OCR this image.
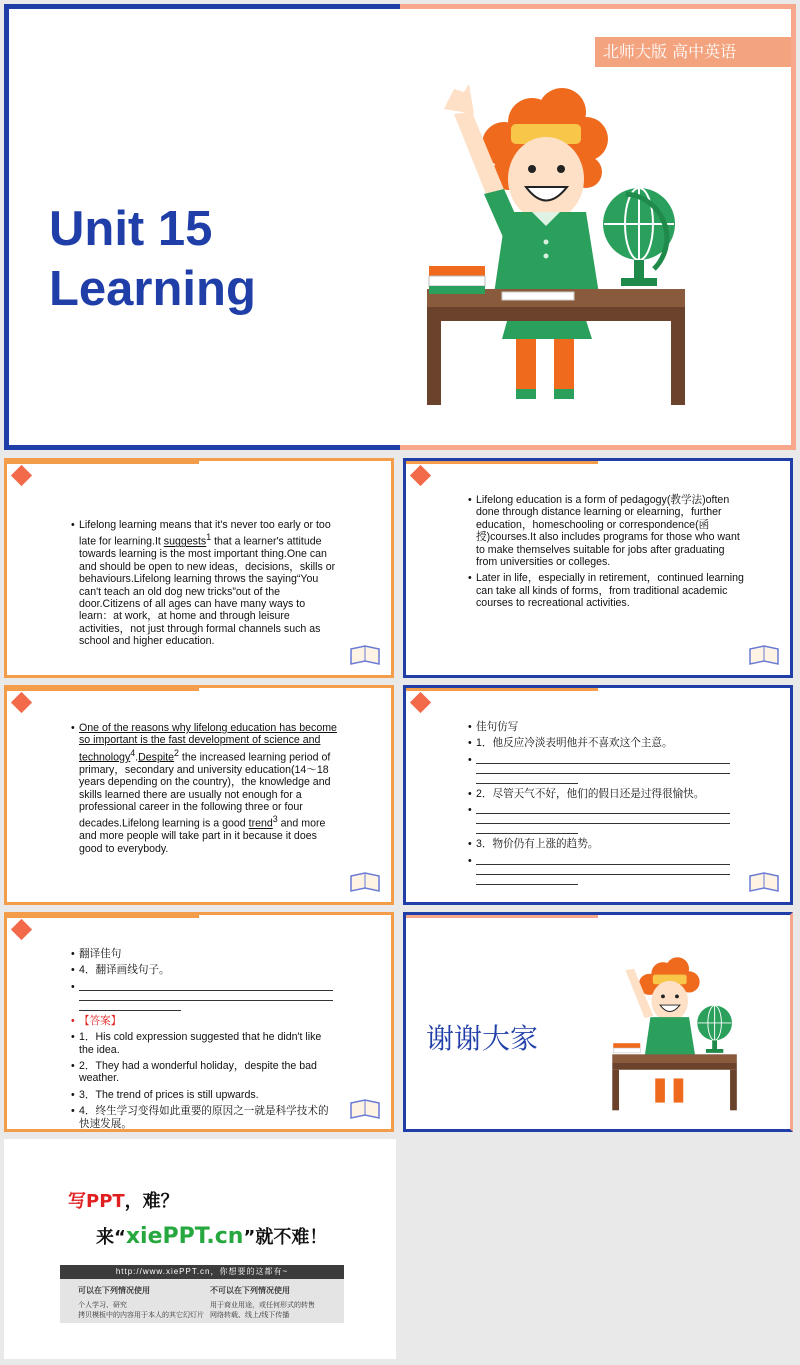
北师大版 高中英语
Unit 15
Learning
• Lifelong learning means that it's never too early or too late for learning.It suggests$^1$ that a learner's attitude towards learning is the most important thing.One can and should be open to new ideas，decisions，skills or behaviours.Lifelong learning throws the saying“You can't teach an old dog new tricks”out of the door.Citizens of all ages can have many ways to learn：at work，at home and through leisure activities，not just through formal channels such as school and higher education.
• Lifelong education is a form of pedagogy(教学法)often done through distance learning or elearning，further education，homeschooling or correspondence(函授)courses.It also includes programs for those who want to make themselves suitable for jobs after graduating from universities or colleges.
• Later in life，especially in retirement，continued learning can take all kinds of forms，from traditional academic courses to recreational activities.
• One of the reasons why lifelong education has become so important is the fast development of science and technology$^4$.Despite$^2$ the increased learning period of primary，secondary and university education(14～18 years depending on the country)，the knowledge and skills learned there are usually not enough for a professional career in the following three or four decades.Lifelong learning is a good trend$^3$ and more and more people will take part in it because it does good to everybody.
• 佳句仿写
• 1．他反应冷淡表明他并不喜欢这个主意。
•
• 2．尽管天气不好，他们的假日还是过得很愉快。
•
• 3．物价仍有上涨的趋势。
•
• 翻译佳句
• 4．翻译画线句子。
•
• 【答案】
• 1．His cold expression suggested that he didn't like the idea.
• 2．They had a wonderful holiday，despite the bad weather.
• 3．The trend of prices is still upwards.
• 4．终生学习变得如此重要的原因之一就是科学技术的快速发展。
谢谢大家
写PPT，难？
来“xiePPT.cn”就不难！
http://www.xiePPT.cn，你想要的这都有~
可以在下列情况使用
个人学习、研究
拷贝模板中的内容用于本人的其它幻灯片
不可以在下列情况使用
用于商业用途，或任何形式的转售
网络转载、线上/线下传播
